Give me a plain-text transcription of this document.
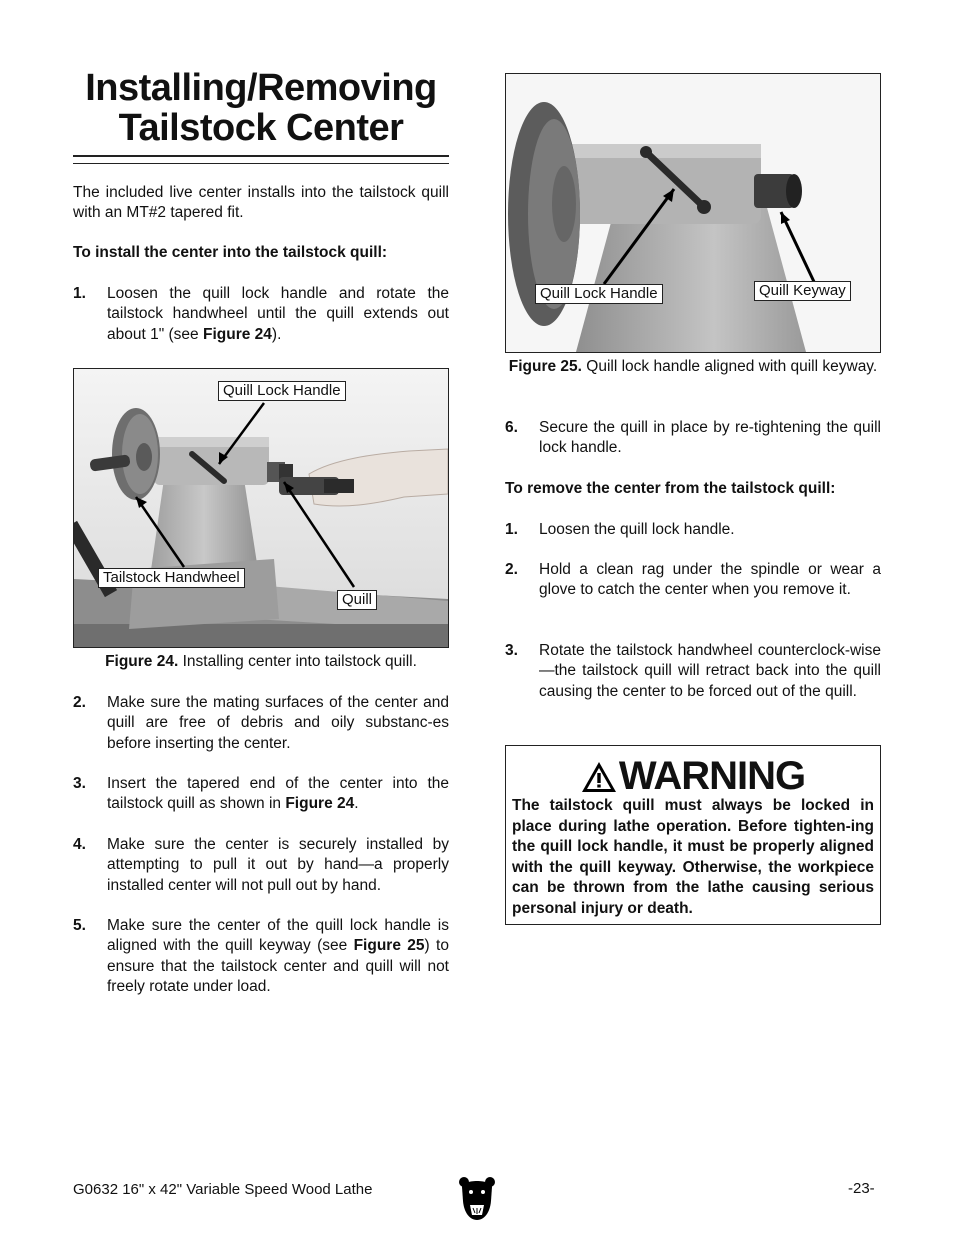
Installing/Removing Tailstock Center
The included live center installs into the tailstock quill with an MT#2 tapered fit.
To install the center into the tailstock quill:
1. Loosen the quill lock handle and rotate the tailstock handwheel until the quill extends out about 1" (see Figure 24).
Quill Lock Handle
Tailstock Handwheel
Quill
Figure 24. Installing center into tailstock quill.
2. Make sure the mating surfaces of the center and quill are free of debris and oily substanc-es before inserting the center.
3. Insert the tapered end of the center into the tailstock quill as shown in Figure 24.
4. Make sure the center is securely installed by attempting to pull it out by hand—a properly installed center will not pull out by hand.
5. Make sure the center of the quill lock handle is aligned with the quill keyway (see Figure 25) to ensure that the tailstock center and quill will not freely rotate under load.
Quill Lock Handle	Quill Keyway
Figure 25. Quill lock handle aligned with quill keyway.
6. Secure the quill in place by re-tightening the quill lock handle.
To remove the center from the tailstock quill:
1. Loosen the quill lock handle.
2. Hold a clean rag under the spindle or wear a glove to catch the center when you remove it.
3. Rotate the tailstock handwheel counterclock-wise—the tailstock quill will retract back into the quill causing the center to be forced out of the quill.
WARNING
The tailstock quill must always be locked in place during lathe operation. Before tighten-ing the quill lock handle, it must be properly aligned with the quill keyway. Otherwise, the workpiece can be thrown from the lathe causing serious personal injury or death.
G0632 16" x 42" Variable Speed Wood Lathe	-23-
